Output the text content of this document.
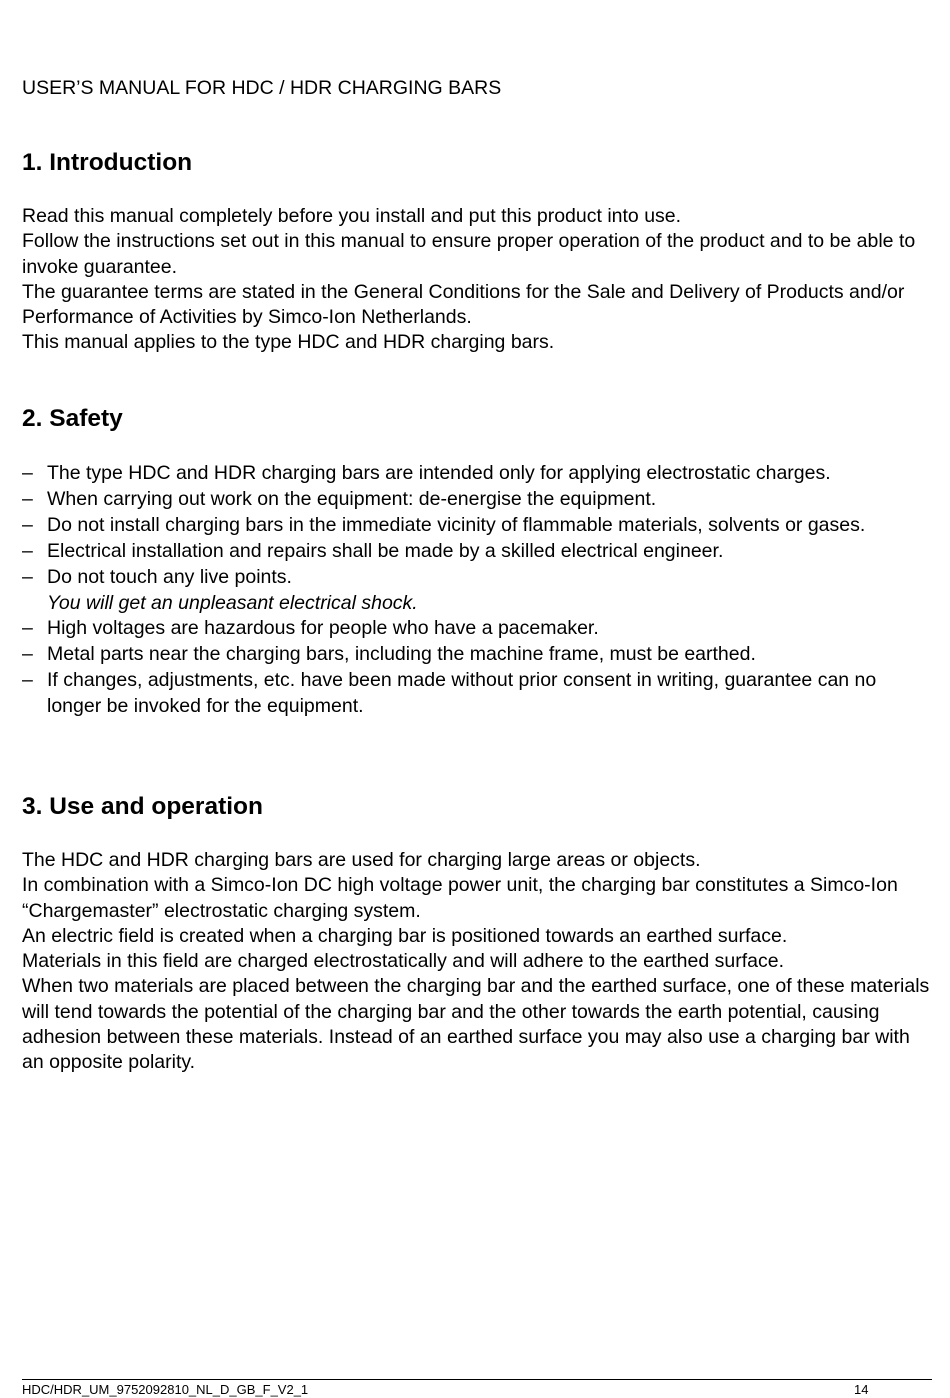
USER’S MANUAL FOR HDC / HDR CHARGING BARS
1. Introduction

Read this manual completely before you install and put this product into use.

Follow the instructions set out in this manual to ensure proper operation of the product and to be able to invoke guarantee.

The guarantee terms are stated in the General Conditions for the Sale and Delivery of Products and/or Performance of Activities by Simco-Ion Netherlands.

This manual applies to the type HDC and HDR charging bars.

2. Safety
– The type HDC and HDR charging bars are intended only for applying electrostatic charges.
– When carrying out work on the equipment: de-energise the equipment.
– Do not install charging bars in the immediate vicinity of flammable materials, solvents or gases.
– Electrical installation and repairs shall be made by a skilled electrical engineer.
– Do not touch any live points.
You will get an unpleasant electrical shock.
– High voltages are hazardous for people who have a pacemaker.
– Metal parts near the charging bars, including the machine frame, must be earthed.
– If changes, adjustments, etc. have been made without prior consent in writing, guarantee can no longer be invoked for the equipment.
3. Use and operation

The HDC and HDR charging bars are used for charging large areas or objects.

In combination with a Simco-Ion DC high voltage power unit, the charging bar constitutes a Simco-Ion “Chargemaster” electrostatic charging system.

An electric field is created when a charging bar is positioned towards an earthed surface.

Materials in this field are charged electrostatically and will adhere to the earthed surface.

When two materials are placed between the charging bar and the earthed surface, one of these materials will tend towards the potential of the charging bar and the other towards the earth potential, causing adhesion between these materials. Instead of an earthed surface you may also use a charging bar with an opposite polarity.

HDC/HDR_UM_9752092810_NL_D_GB_F_V2_1	14
